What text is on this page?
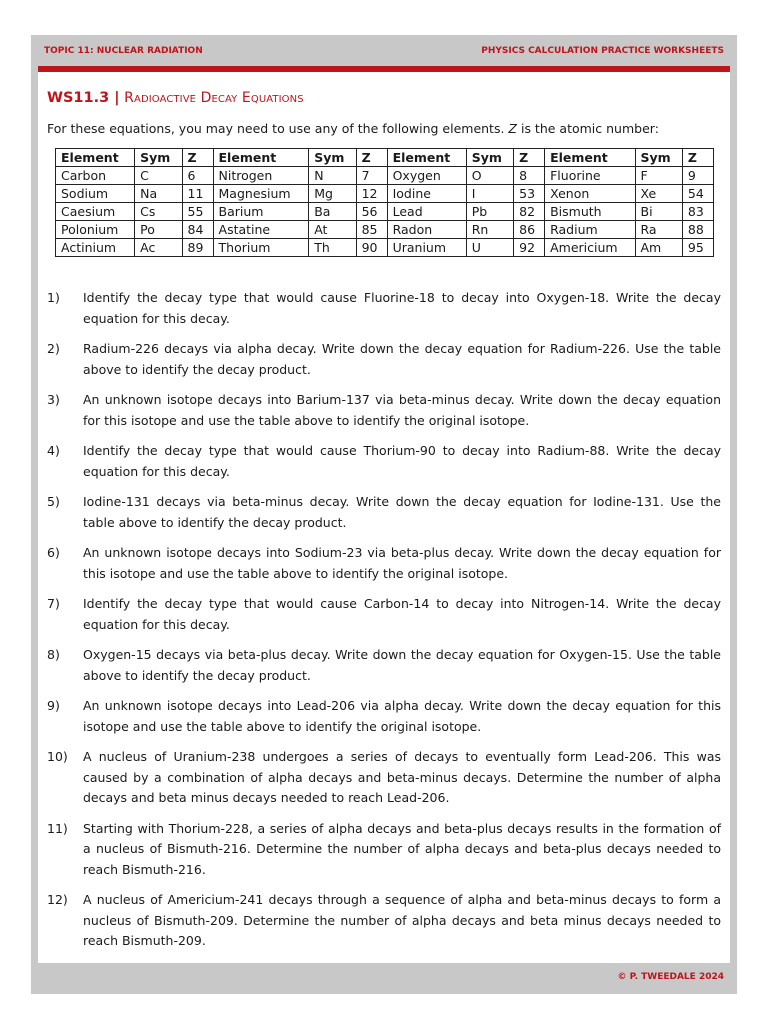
TOPIC 11: NUCLEAR RADIATION	PHYSICS CALCULATION PRACTICE WORKSHEETS
WS11.3 | Radioactive Decay Equations
For these equations, you may need to use any of the following elements. Z is the atomic number:
Element	Sym	Z	Element	Sym	Z	Element	Sym	Z	Element	Sym	Z
Carbon	C	6	Nitrogen	N	7	Oxygen	O	8	Fluorine	F	9
Sodium	Na	11	Magnesium	Mg	12	Iodine	I	53	Xenon	Xe	54
Caesium	Cs	55	Barium	Ba	56	Lead	Pb	82	Bismuth	Bi	83
Polonium	Po	84	Astatine	At	85	Radon	Rn	86	Radium	Ra	88
Actinium	Ac	89	Thorium	Th	90	Uranium	U	92	Americium	Am	95
1)	Identify the decay type that would cause Fluorine-18 to decay into Oxygen-18. Write the decay equation for this decay.
2)	Radium-226 decays via alpha decay. Write down the decay equation for Radium-226. Use the table above to identify the decay product.
3)	An unknown isotope decays into Barium-137 via beta-minus decay. Write down the decay equation for this isotope and use the table above to identify the original isotope.
4)	Identify the decay type that would cause Thorium-90 to decay into Radium-88. Write the decay equation for this decay.
5)	Iodine-131 decays via beta-minus decay. Write down the decay equation for Iodine-131. Use the table above to identify the decay product.
6)	An unknown isotope decays into Sodium-23 via beta-plus decay. Write down the decay equation for this isotope and use the table above to identify the original isotope.
7)	Identify the decay type that would cause Carbon-14 to decay into Nitrogen-14. Write the decay equation for this decay.
8)	Oxygen-15 decays via beta-plus decay. Write down the decay equation for Oxygen-15. Use the table above to identify the decay product.
9)	An unknown isotope decays into Lead-206 via alpha decay. Write down the decay equation for this isotope and use the table above to identify the original isotope.
10)	A nucleus of Uranium-238 undergoes a series of decays to eventually form Lead-206. This was caused by a combination of alpha decays and beta-minus decays. Determine the number of alpha decays and beta minus decays needed to reach Lead-206.
11)	Starting with Thorium-228, a series of alpha decays and beta-plus decays results in the formation of a nucleus of Bismuth-216. Determine the number of alpha decays and beta-plus decays needed to reach Bismuth-216.
12)	A nucleus of Americium-241 decays through a sequence of alpha and beta-minus decays to form a nucleus of Bismuth-209. Determine the number of alpha decays and beta minus decays needed to reach Bismuth-209.
© P. TWEEDALE 2024
